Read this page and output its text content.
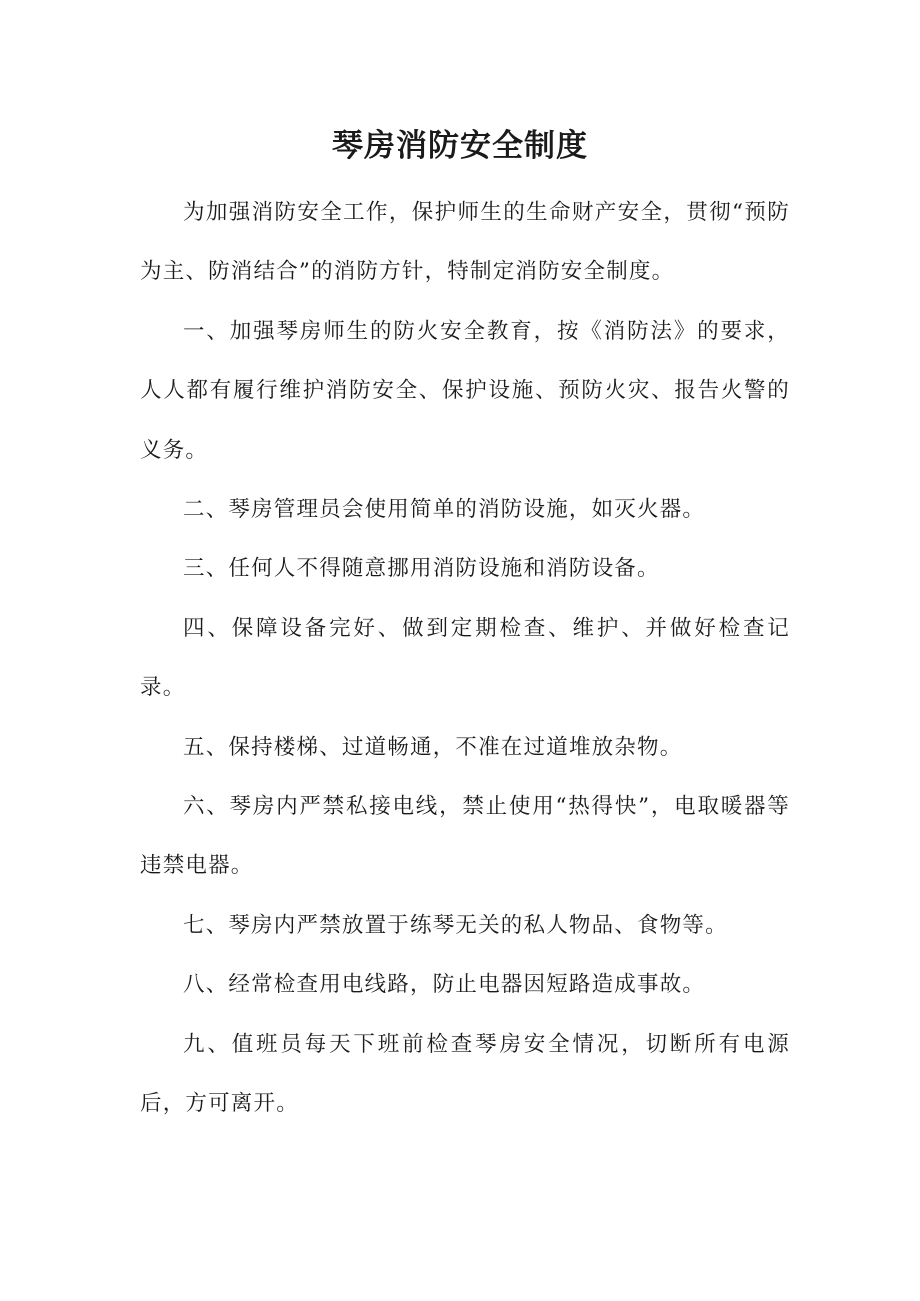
琴房消防安全制度

为加强消防安全工作，保护师生的生命财产安全，贯彻“预防为主、防消结合”的消防方针，特制定消防安全制度。

一、加强琴房师生的防火安全教育，按《消防法》的要求，人人都有履行维护消防安全、保护设施、预防火灾、报告火警的义务。

二、琴房管理员会使用简单的消防设施，如灭火器。

三、任何人不得随意挪用消防设施和消防设备。

四、保障设备完好、做到定期检查、维护、并做好检查记录。

五、保持楼梯、过道畅通，不准在过道堆放杂物。

六、琴房内严禁私接电线，禁止使用“热得快”，电取暖器等违禁电器。

七、琴房内严禁放置于练琴无关的私人物品、食物等。

八、经常检查用电线路，防止电器因短路造成事故。

九、值班员每天下班前检查琴房安全情况，切断所有电源后，方可离开。
